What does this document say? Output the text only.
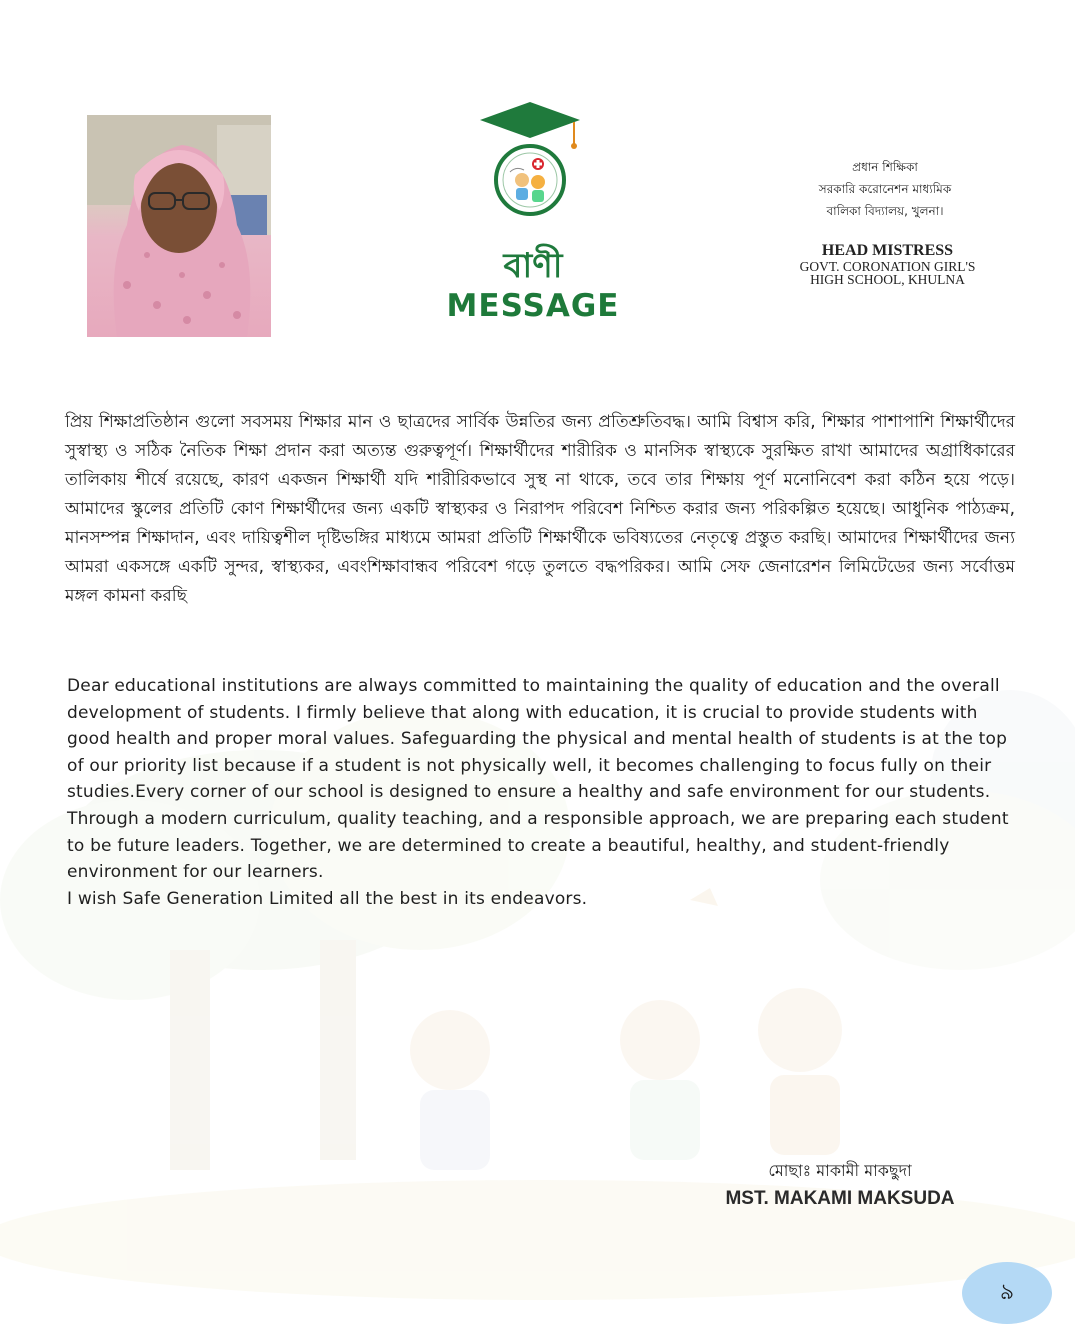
বাণী
MESSAGE
প্রধান শিক্ষিকা
সরকারি করোনেশন মাধ্যমিক
বালিকা বিদ্যালয়, খুলনা।
HEAD MISTRESS
GOVT. CORONATION GIRL'S
HIGH SCHOOL, KHULNA
প্রিয় শিক্ষাপ্রতিষ্ঠান গুলো সবসময় শিক্ষার মান ও ছাত্রদের সার্বিক উন্নতির জন্য প্রতিশ্রুতিবদ্ধ। আমি বিশ্বাস করি, শিক্ষার পাশাপাশি শিক্ষার্থীদের সুস্বাস্থ্য ও সঠিক নৈতিক শিক্ষা প্রদান করা অত্যন্ত গুরুত্বপূর্ণ। শিক্ষার্থীদের শারীরিক ও মানসিক স্বাস্থ্যকে সুরক্ষিত রাখা আমাদের অগ্রাধিকারের তালিকায় শীর্ষে রয়েছে, কারণ একজন শিক্ষার্থী যদি শারীরিকভাবে সুস্থ না থাকে, তবে তার শিক্ষায় পূর্ণ মনোনিবেশ করা কঠিন হয়ে পড়ে। আমাদের স্কুলের প্রতিটি কোণ শিক্ষার্থীদের জন্য একটি স্বাস্থ্যকর ও নিরাপদ পরিবেশ নিশ্চিত করার জন্য পরিকল্পিত হয়েছে। আধুনিক পাঠ্যক্রম, মানসম্পন্ন শিক্ষাদান, এবং দায়িত্বশীল দৃষ্টিভঙ্গির মাধ্যমে আমরা প্রতিটি শিক্ষার্থীকে ভবিষ্যতের নেতৃত্বে প্রস্তুত করছি। আমাদের শিক্ষার্থীদের জন্য আমরা একসঙ্গে একটি সুন্দর, স্বাস্থ্যকর, এবংশিক্ষাবান্ধব পরিবেশ গড়ে তুলতে বদ্ধপরিকর। আমি সেফ জেনারেশন লিমিটেডের জন্য সর্বোত্তম মঙ্গল কামনা করছি

Dear educational institutions are always committed to maintaining the quality of education and the overall development of students. I firmly believe that along with education, it is crucial to provide students with good health and proper moral values. Safeguarding the physical and mental health of students is at the top of our priority list because if a student is not physically well, it becomes challenging to focus fully on their studies.Every corner of our school is designed to ensure a healthy and safe environment for our students. Through a modern curriculum, quality teaching, and a responsible approach, we are preparing each student to be future leaders. Together, we are determined to create a beautiful, healthy, and student-friendly environment for our learners.

I wish Safe Generation Limited all the best in its endeavors.

মোছাঃ মাকামী মাকছুদা
MST. MAKAMI MAKSUDA
৯
